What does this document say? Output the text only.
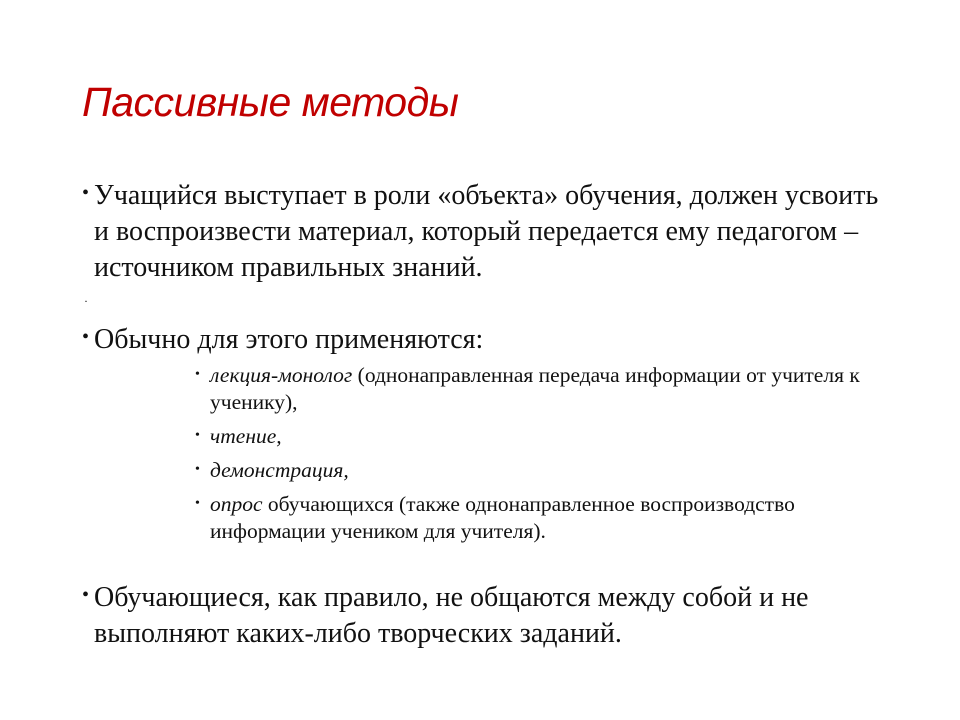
Пассивные методы
• Учащийся выступает в роли «объекта» обучения, должен усвоить и воспроизвести материал, который передается ему педагогом – источником правильных знаний.
·
• Обычно для этого применяются:
• лекция-монолог (однонаправленная передача информации от учителя к ученику),
• чтение,
• демонстрация,
• опрос обучающихся (также однонаправленное воспроизводство информации учеником для учителя).
• Обучающиеся, как правило, не общаются между собой и не выполняют каких-либо творческих заданий.
